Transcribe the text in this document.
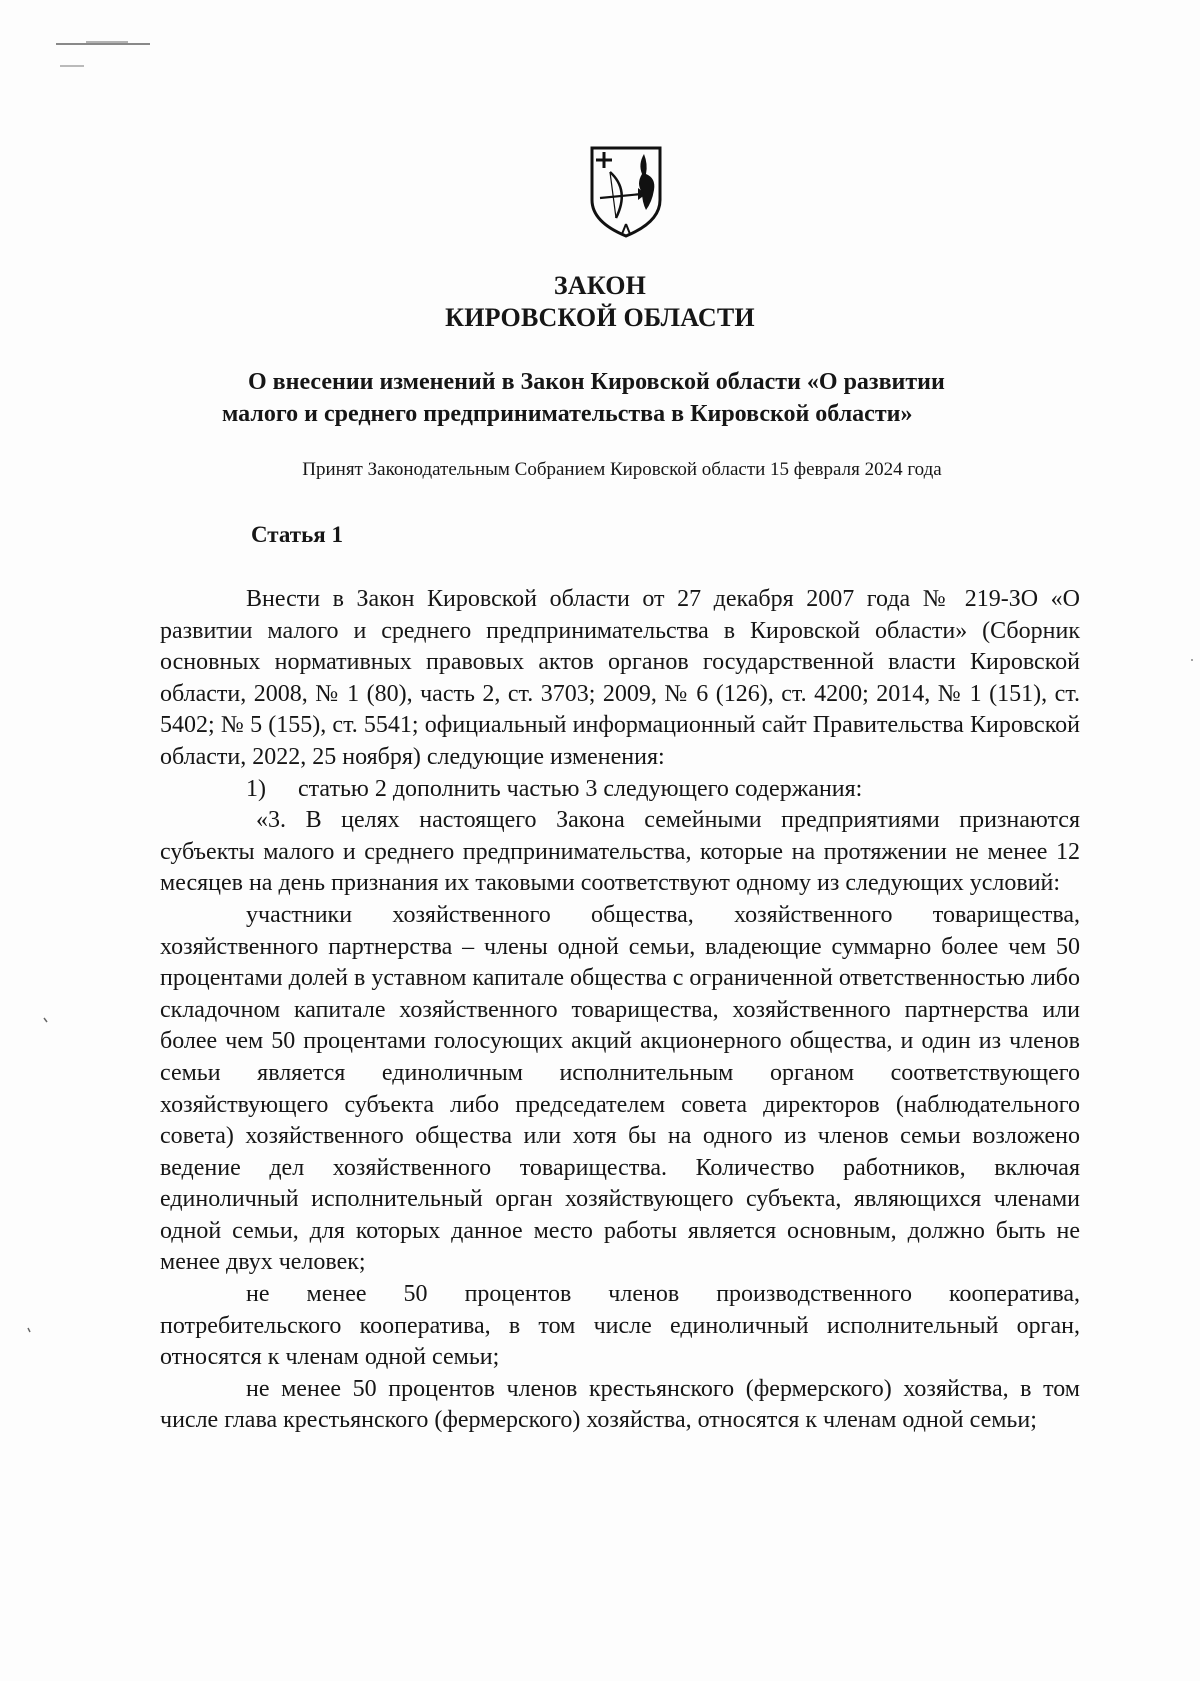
ЗАКОН
КИРОВСКОЙ ОБЛАСТИ
О внесении изменений в Закон Кировской области «О развитии
малого и среднего предпринимательства в Кировской области»
Принят Законодательным Собранием Кировской области 15 февраля 2024 года
Статья 1

Внести в Закон Кировской области от 27 декабря 2007 года № 219-ЗО «О развитии малого и среднего предпринимательства в Кировской области» (Сборник основных нормативных правовых актов органов государственной власти Кировской области, 2008, № 1 (80), часть 2, ст. 3703; 2009, № 6 (126), ст. 4200; 2014, № 1 (151), ст. 5402; № 5 (155), ст. 5541; официальный информационный сайт Правительства Кировской области, 2022, 25 ноября) следующие изменения:

1) статью 2 дополнить частью 3 следующего содержания:

«3. В целях настоящего Закона семейными предприятиями признаются субъекты малого и среднего предпринимательства, которые на протяжении не менее 12 месяцев на день признания их таковыми соответствуют одному из следующих условий:

участники хозяйственного общества, хозяйственного товарищества, хозяйственного партнерства – члены одной семьи, владеющие суммарно более чем 50 процентами долей в уставном капитале общества с ограниченной ответственностью либо складочном капитале хозяйственного товарищества, хозяйственного партнерства или более чем 50 процентами голосующих акций акционерного общества, и один из членов семьи является единоличным исполнительным органом соответствующего хозяйствующего субъекта либо председателем совета директоров (наблюдательного совета) хозяйственного общества или хотя бы на одного из членов семьи возложено ведение дел хозяйственного товарищества. Количество работников, включая единоличный исполнительный орган хозяйствующего субъекта, являющихся членами одной семьи, для которых данное место работы является основным, должно быть не менее двух человек;

не менее 50 процентов членов производственного кооператива, потребительского кооператива, в том числе единоличный исполнительный орган, относятся к членам одной семьи;

не менее 50 процентов членов крестьянского (фермерского) хозяйства, в том числе глава крестьянского (фермерского) хозяйства, относятся к членам одной семьи;
